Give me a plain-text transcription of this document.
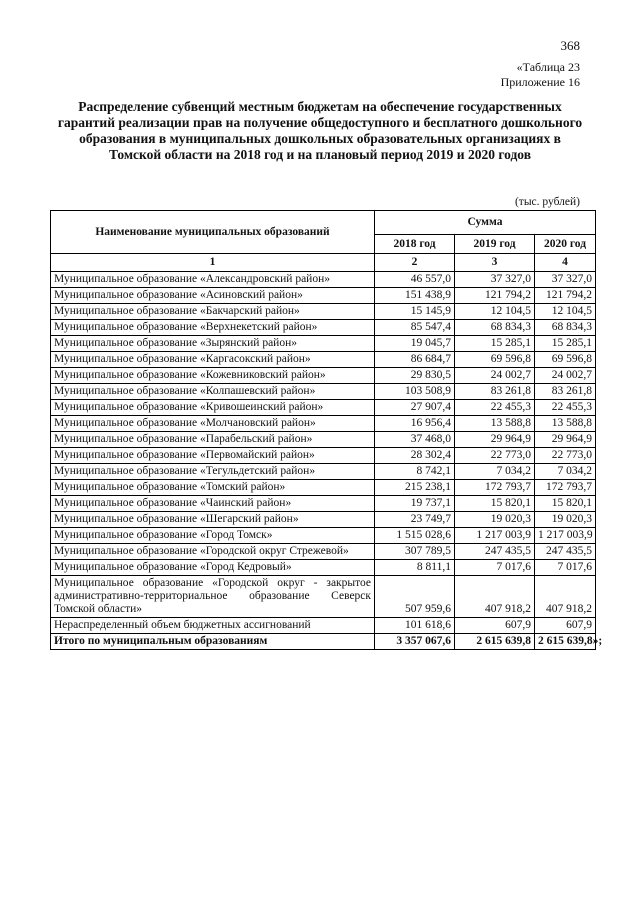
368
«Таблица 23
Приложение 16
Распределение субвенций местным бюджетам на обеспечение государственных гарантий реализации прав на получение общедоступного и бесплатного дошкольного образования в муниципальных дошкольных образовательных организациях в Томской области на 2018 год и на плановый период 2019 и 2020 годов
(тыс. рублей)
Наименование муниципальных образований	Сумма		
	2018 год	2019 год	2020 год
1	2	3	4
Муниципальное образование «Александровский район»	46 557,0	37 327,0	37 327,0
Муниципальное образование «Асиновский район»	151 438,9	121 794,2	121 794,2
Муниципальное образование «Бакчарский район»	15 145,9	12 104,5	12 104,5
Муниципальное образование «Верхнекетский район»	85 547,4	68 834,3	68 834,3
Муниципальное образование «Зырянский район»	19 045,7	15 285,1	15 285,1
Муниципальное образование «Каргасокский район»	86 684,7	69 596,8	69 596,8
Муниципальное образование «Кожевниковский район»	29 830,5	24 002,7	24 002,7
Муниципальное образование «Колпашевский район»	103 508,9	83 261,8	83 261,8
Муниципальное образование «Кривошеинский район»	27 907,4	22 455,3	22 455,3
Муниципальное образование «Молчановский район»	16 956,4	13 588,8	13 588,8
Муниципальное образование «Парабельский район»	37 468,0	29 964,9	29 964,9
Муниципальное образование «Первомайский район»	28 302,4	22 773,0	22 773,0
Муниципальное образование «Тегульдетский район»	8 742,1	7 034,2	7 034,2
Муниципальное образование «Томский район»	215 238,1	172 793,7	172 793,7
Муниципальное образование «Чаинский район»	19 737,1	15 820,1	15 820,1
Муниципальное образование «Шегарский район»	23 749,7	19 020,3	19 020,3
Муниципальное образование «Город Томск»	1 515 028,6	1 217 003,9	1 217 003,9
Муниципальное образование «Городской округ Стрежевой»	307 789,5	247 435,5	247 435,5
Муниципальное образование «Город Кедровый»	8 811,1	7 017,6	7 017,6
Муниципальное образование «Городской округ - закрытое административно-территориальное образование Северск Томской области»	507 959,6	407 918,2	407 918,2
Нераспределенный объем бюджетных ассигнований	101 618,6	607,9	607,9
Итого по муниципальным образованиям	3 357 067,6	2 615 639,8	2 615 639,8»;
